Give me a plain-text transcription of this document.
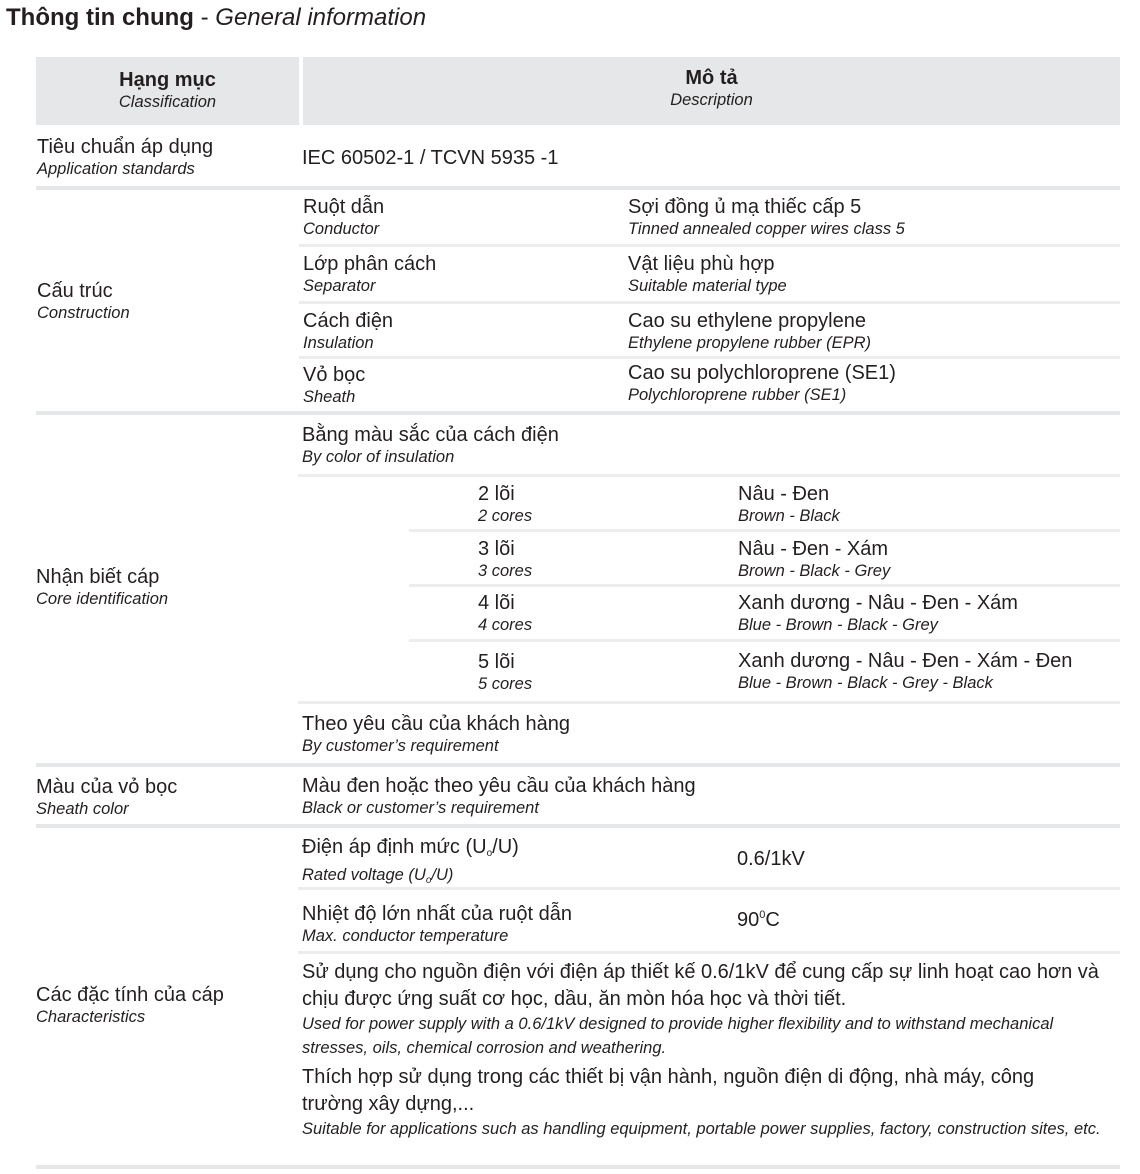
Thông tin chung - General information
Hạng mục
Classification
Mô tả
Description
Tiêu chuẩn áp dụng
Application standards	IEC 60502-1 / TCVN 5935 -1
Cấu trúc
Construction
Ruột dẫn
Conductor
Sợi đồng ủ mạ thiếc cấp 5
Tinned annealed copper wires class 5
Lớp phân cách
Separator
Vật liệu phù hợp
Suitable material type
Cách điện
Insulation
Cao su ethylene propylene
Ethylene propylene rubber (EPR)
Vỏ bọc
Sheath
Cao su polychloroprene (SE1)
Polychloroprene rubber (SE1)
Nhận biết cáp
Core identification
Bằng màu sắc của cách điện
By color of insulation
2 lõi
2 cores
Nâu - Đen
Brown - Black
3 lõi
3 cores
Nâu - Đen - Xám
Brown - Black - Grey
4 lõi
4 cores
Xanh dương - Nâu - Đen - Xám
Blue - Brown - Black - Grey
5 lõi
5 cores
Xanh dương - Nâu - Đen - Xám - Đen
Blue - Brown - Black - Grey - Black
Theo yêu cầu của khách hàng
By customer’s requirement
Màu của vỏ bọc
Sheath color
Màu đen hoặc theo yêu cầu của khách hàng
Black or customer’s requirement
Các đặc tính của cáp
Characteristics
Điện áp định mức $(U_o/U)$
Rated voltage $(U_o/U)$
0.6/1kV
Nhiệt độ lớn nhất của ruột dẫn
Max. conductor temperature
$90^0C$
Sử dụng cho nguồn điện với điện áp thiết kế 0.6/1kV để cung cấp sự linh hoạt cao hơn và chịu được ứng suất cơ học, dầu, ăn mòn hóa học và thời tiết.
Used for power supply with a 0.6/1kV designed to provide higher flexibility and to withstand mechanical stresses, oils, chemical corrosion and weathering.
Thích hợp sử dụng trong các thiết bị vận hành, nguồn điện di động, nhà máy, công trường xây dựng,...
Suitable for applications such as handling equipment, portable power supplies, factory, construction sites, etc.
